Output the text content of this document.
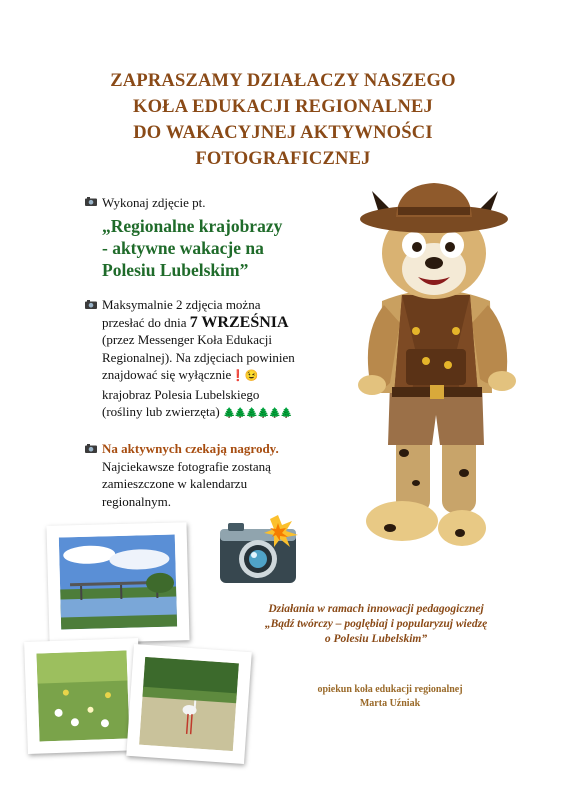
ZAPRASZAMY DZIAŁACZY NASZEGO
KOŁA EDUKACJI REGIONALNEJ
DO WAKACYJNEJ AKTYWNOŚCI
FOTOGRAFICZNEJ
Wykonaj zdjęcie pt.
„Regionalne krajobrazy
- aktywne wakacje na
Polesiu Lubelskim”
Maksymalnie 2 zdjęcia można
przesłać do dnia 7 WRZEŚNIA
(przez Messenger Koła Edukacji
Regionalnej). Na zdjęciach powinien
znajdować się wyłącznie❗😉
krajobraz Polesia Lubelskiego
(rośliny lub zwierzęta) 🌲🌲🌲🌲🌲🌲
Na aktywnych czekają nagrody.
Najciekawsze fotografie zostaną
zamieszczone w kalendarzu
regionalnym.
Działania w ramach innowacji pedagogicznej
„Bądź twórczy – poglębiaj i popularyzuj wiedzę
o Polesiu Lubelskim”
opiekun koła edukacji regionalnej
Marta Uźniak
